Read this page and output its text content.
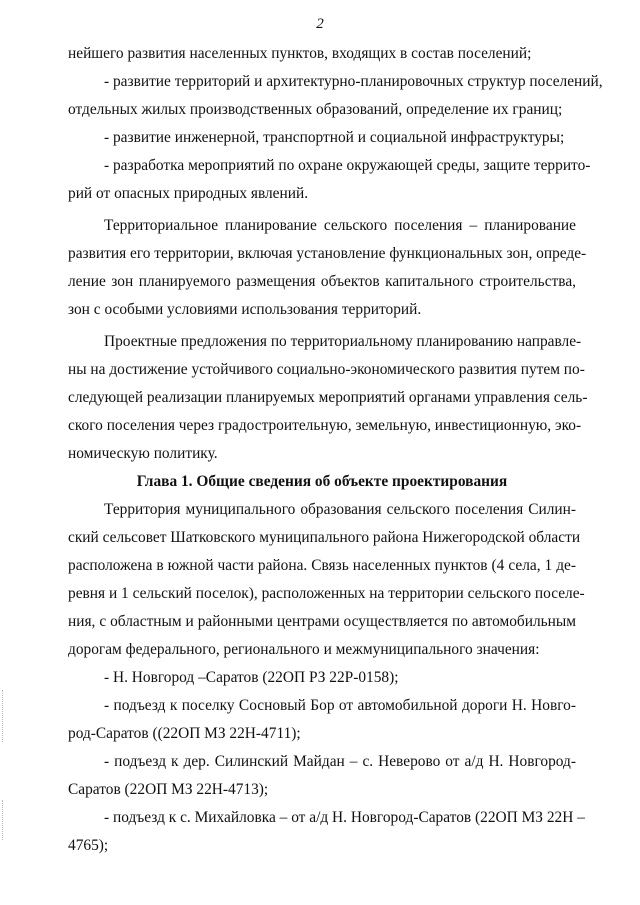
2

нейшего развития населенных пунктов, входящих в состав поселений;

- развитие территорий и архитектурно-планировочных структур поселений,
отдельных жилых производственных образований, определение их границ;

- развитие инженерной, транспортной и социальной инфраструктуры;

- разработка мероприятий по охране окружающей среды, защите террито-
рий от опасных природных явлений.

Территориальное планирование сельского поселения – планирование
развития его территории, включая установление функциональных зон, опреде-
ление зон планируемого размещения объектов капитального строительства,
зон с особыми условиями использования территорий.

Проектные предложения по территориальному планированию направле-
ны на достижение устойчивого социально-экономического развития путем по-
следующей реализации планируемых мероприятий органами управления сель-
ского поселения через градостроительную, земельную, инвестиционную, эко-
номическую политику.

Глава 1. Общие сведения об объекте проектирования

Территория муниципального образования сельского поселения Силин-
ский сельсовет Шатковского муниципального района Нижегородской области
расположена в южной части района. Связь населенных пунктов (4 села, 1 де-
ревня и 1 сельский поселок), расположенных на территории сельского поселе-
ния, с областным и районными центрами осуществляется по автомобильным
дорогам федерального, регионального и межмуниципального значения:

- Н. Новгород –Саратов (22ОП РЗ 22Р-0158);

- подъезд к поселку Сосновый Бор от автомобильной дороги Н. Новго-
род-Саратов ((22ОП МЗ 22Н-4711);

- подъезд к дер. Силинский Майдан – с. Неверово от а/д Н. Новгород-
Саратов (22ОП МЗ 22Н-4713);

- подъезд к с. Михайловка – от а/д Н. Новгород-Саратов (22ОП МЗ 22Н –
4765);
